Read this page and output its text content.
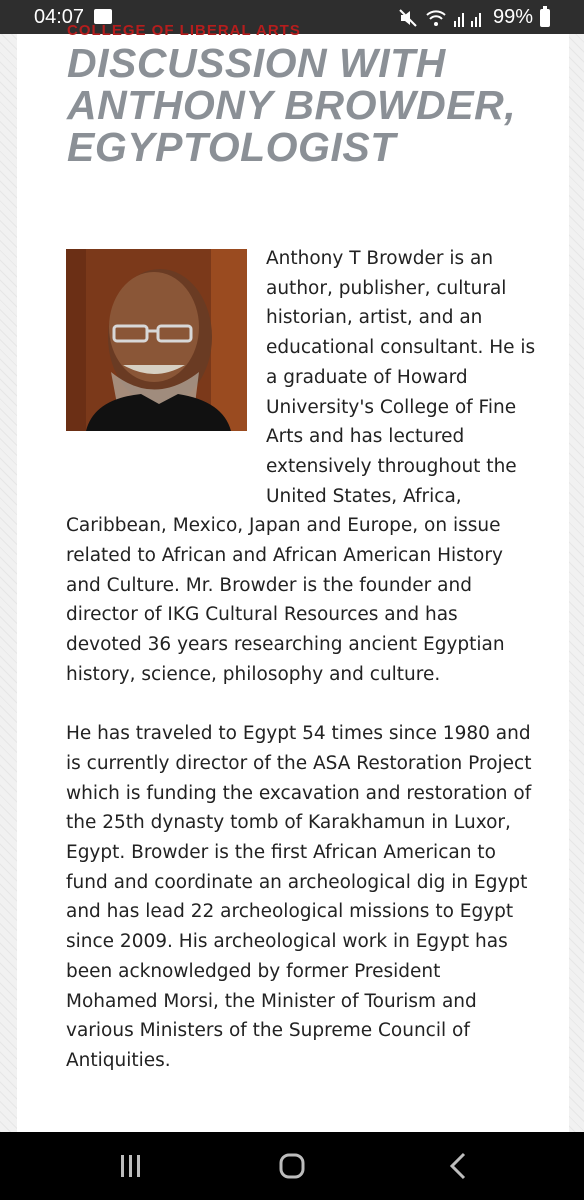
04:07	99%
COLLEGE OF LIBERAL ARTS
DISCUSSION WITH ANTHONY BROWDER, EGYPTOLOGIST

Anthony T Browder is an author, publisher, cultural historian, artist, and an educational consultant. He is a graduate of Howard University's College of Fine Arts and has lectured extensively throughout the United States, Africa, Caribbean, Mexico, Japan and Europe, on issue related to African and African American History and Culture. Mr. Browder is the founder and director of IKG Cultural Resources and has devoted 36 years researching ancient Egyptian history, science, philosophy and culture.

He has traveled to Egypt 54 times since 1980 and is currently director of the ASA Restoration Project which is funding the excavation and restoration of the 25th dynasty tomb of Karakhamun in Luxor, Egypt. Browder is the first African American to fund and coordinate an archeological dig in Egypt and has lead 22 archeological missions to Egypt since 2009. His archeological work in Egypt has been acknowledged by former President Mohamed Morsi, the Minister of Tourism and various Ministers of the Supreme Council of Antiquities.
